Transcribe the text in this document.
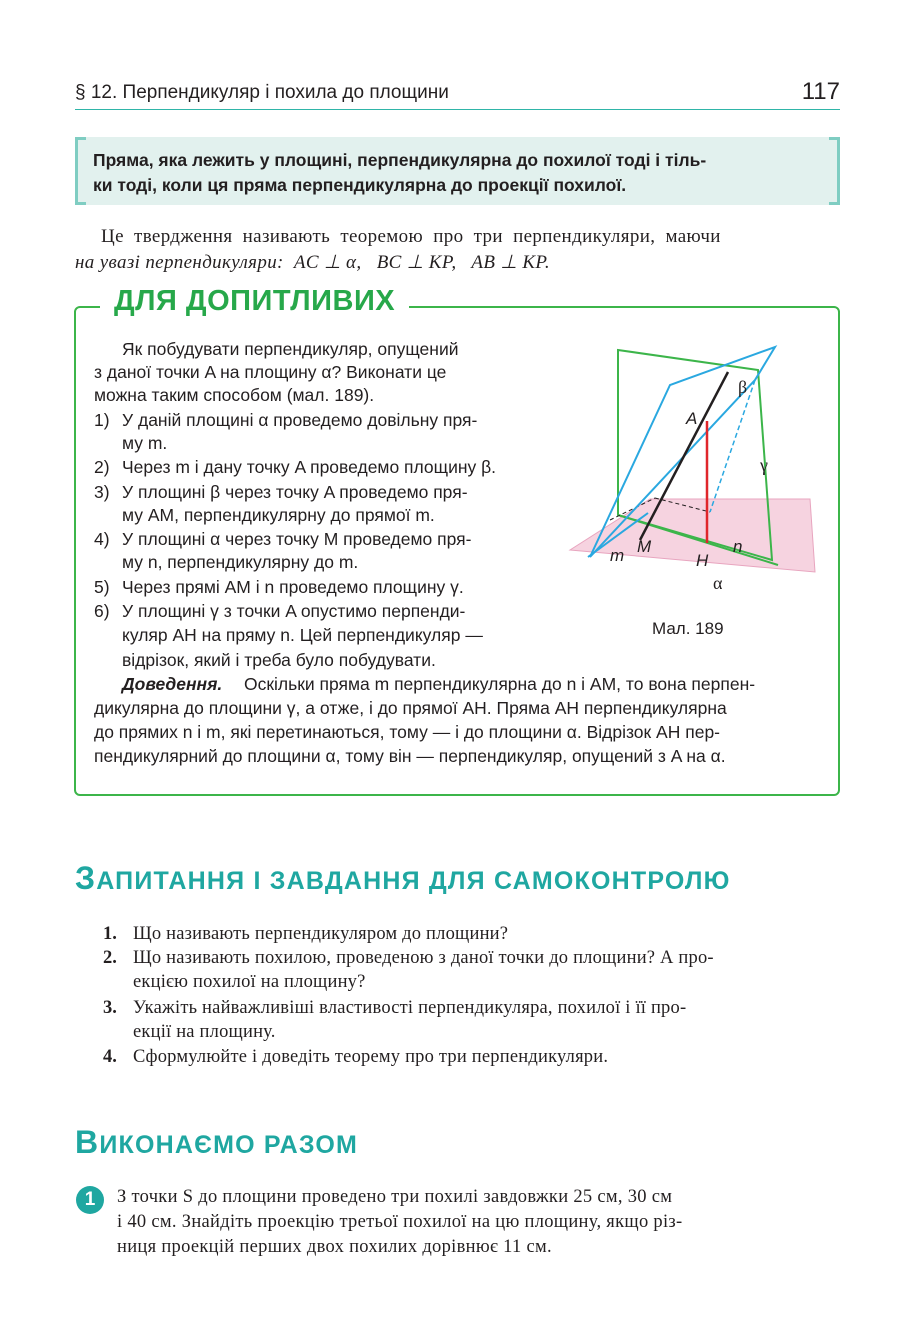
§ 12. Перпендикуляр і похила до площини	117
Пряма, яка лежить у площині, перпендикулярна до похилої тоді і тіль-
ки тоді, коли ця пряма перпендикулярна до проекції похилої.
Це  твердження  називають  теоремою  про  три  перпендикуляри,  маючи
на увазі перпендикуляри:  AC ⊥ α,   BC ⊥ KP,   AB ⊥ KP.
ДЛЯ ДОПИТЛИВИХ
Як побудувати перпендикуляр, опущений
з даної точки A на площину α? Виконати це
можна таким способом (мал. 189).
1) У даній площині α проведемо довільну пря-
му m.
2) Через m і дану точку A проведемо площину β.
3) У площині β через точку A проведемо пря-
му AM, перпендикулярну до прямої m.
4) У площині α через точку M проведемо пря-
му n, перпендикулярну до m.
5) Через прямі AM і n проведемо площину γ.
6) У площині γ з точки A опустимо перпенди-
куляр AH на пряму n. Цей перпендикуляр —
відрізок, який і треба було побудувати.
Доведення. Оскільки пряма m перпендикулярна до n і AM, то вона перпен-
дикулярна до площини γ, а отже, і до прямої AH. Пряма AH перпендикулярна
до прямих n і m, які перетинаються, тому — і до площини α. Відрізок AH пер-
пендикулярний до площини α, тому він — перпендикуляр, опущений з A на α.
A
β
γ
M
m	H
n
α
Мал. 189
ЗАПИТАННЯ І ЗАВДАННЯ ДЛЯ САМОКОНТРОЛЮ
1. Що називають перпендикуляром до площини?
2. Що називають похилою, проведеною з даної точки до площини? А про-
екцією похилої на площину?
3. Укажіть найважливіші властивості перпендикуляра, похилої і її про-
екції на площину.
4. Сформулюйте і доведіть теорему про три перпендикуляри.
ВИКОНАЄМО РАЗОМ
1	З точки S до площини проведено три похилі завдовжки 25 см, 30 см
і 40 см. Знайдіть проекцію третьої похилої на цю площину, якщо різ-
ниця проекцій перших двох похилих дорівнює 11 см.
